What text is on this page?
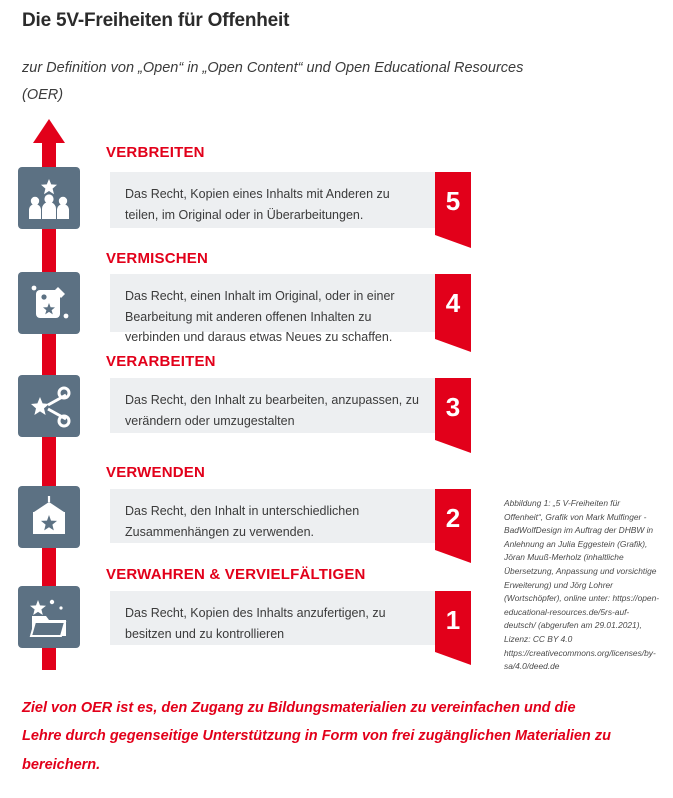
Die 5V-Freiheiten für Offenheit
zur Definition von „Open“ in „Open Content“ und Open Educational Resources (OER)
VERBREITEN
Das Recht, Kopien eines Inhalts mit Anderen zu teilen, im Original oder in Überarbeitungen.	5
VERMISCHEN
Das Recht, einen Inhalt im Original, oder in einer Bearbeitung mit anderen offenen Inhalten zu verbinden und daraus etwas Neues zu schaffen.
4
VERARBEITEN
Das Recht, den Inhalt zu bearbeiten, anzupassen, zu verändern oder umzugestalten	3
VERWENDEN
Das Recht, den Inhalt in unterschiedlichen Zusammenhängen zu verwenden.	2
VERWAHREN & VERVIELFÄLTIGEN
Das Recht, Kopien des Inhalts anzufertigen, zu besitzen und zu kontrollieren	1
Abbildung 1: „5 V-Freiheiten für Offenheit“, Grafik von Mark Mulfinger - BadWolfDesign im Auftrag der DHBW in Anlehnung an Julia Eggestein (Grafik), Jöran Muuß-Merholz (inhaltliche Übersetzung, Anpassung und vorsichtige Erweiterung) und Jörg Lohrer (Wortschöpfer), online unter: https://open-educational-resources.de/5rs-auf-deutsch/ (abgerufen am 29.01.2021), Lizenz: CC BY 4.0 https://creativecommons.org/licenses/by-sa/4.0/deed.de
Ziel von OER ist es, den Zugang zu Bildungsmaterialien zu vereinfachen und die Lehre durch gegenseitige Unterstützung in Form von frei zugänglichen Materialien zu bereichern.
